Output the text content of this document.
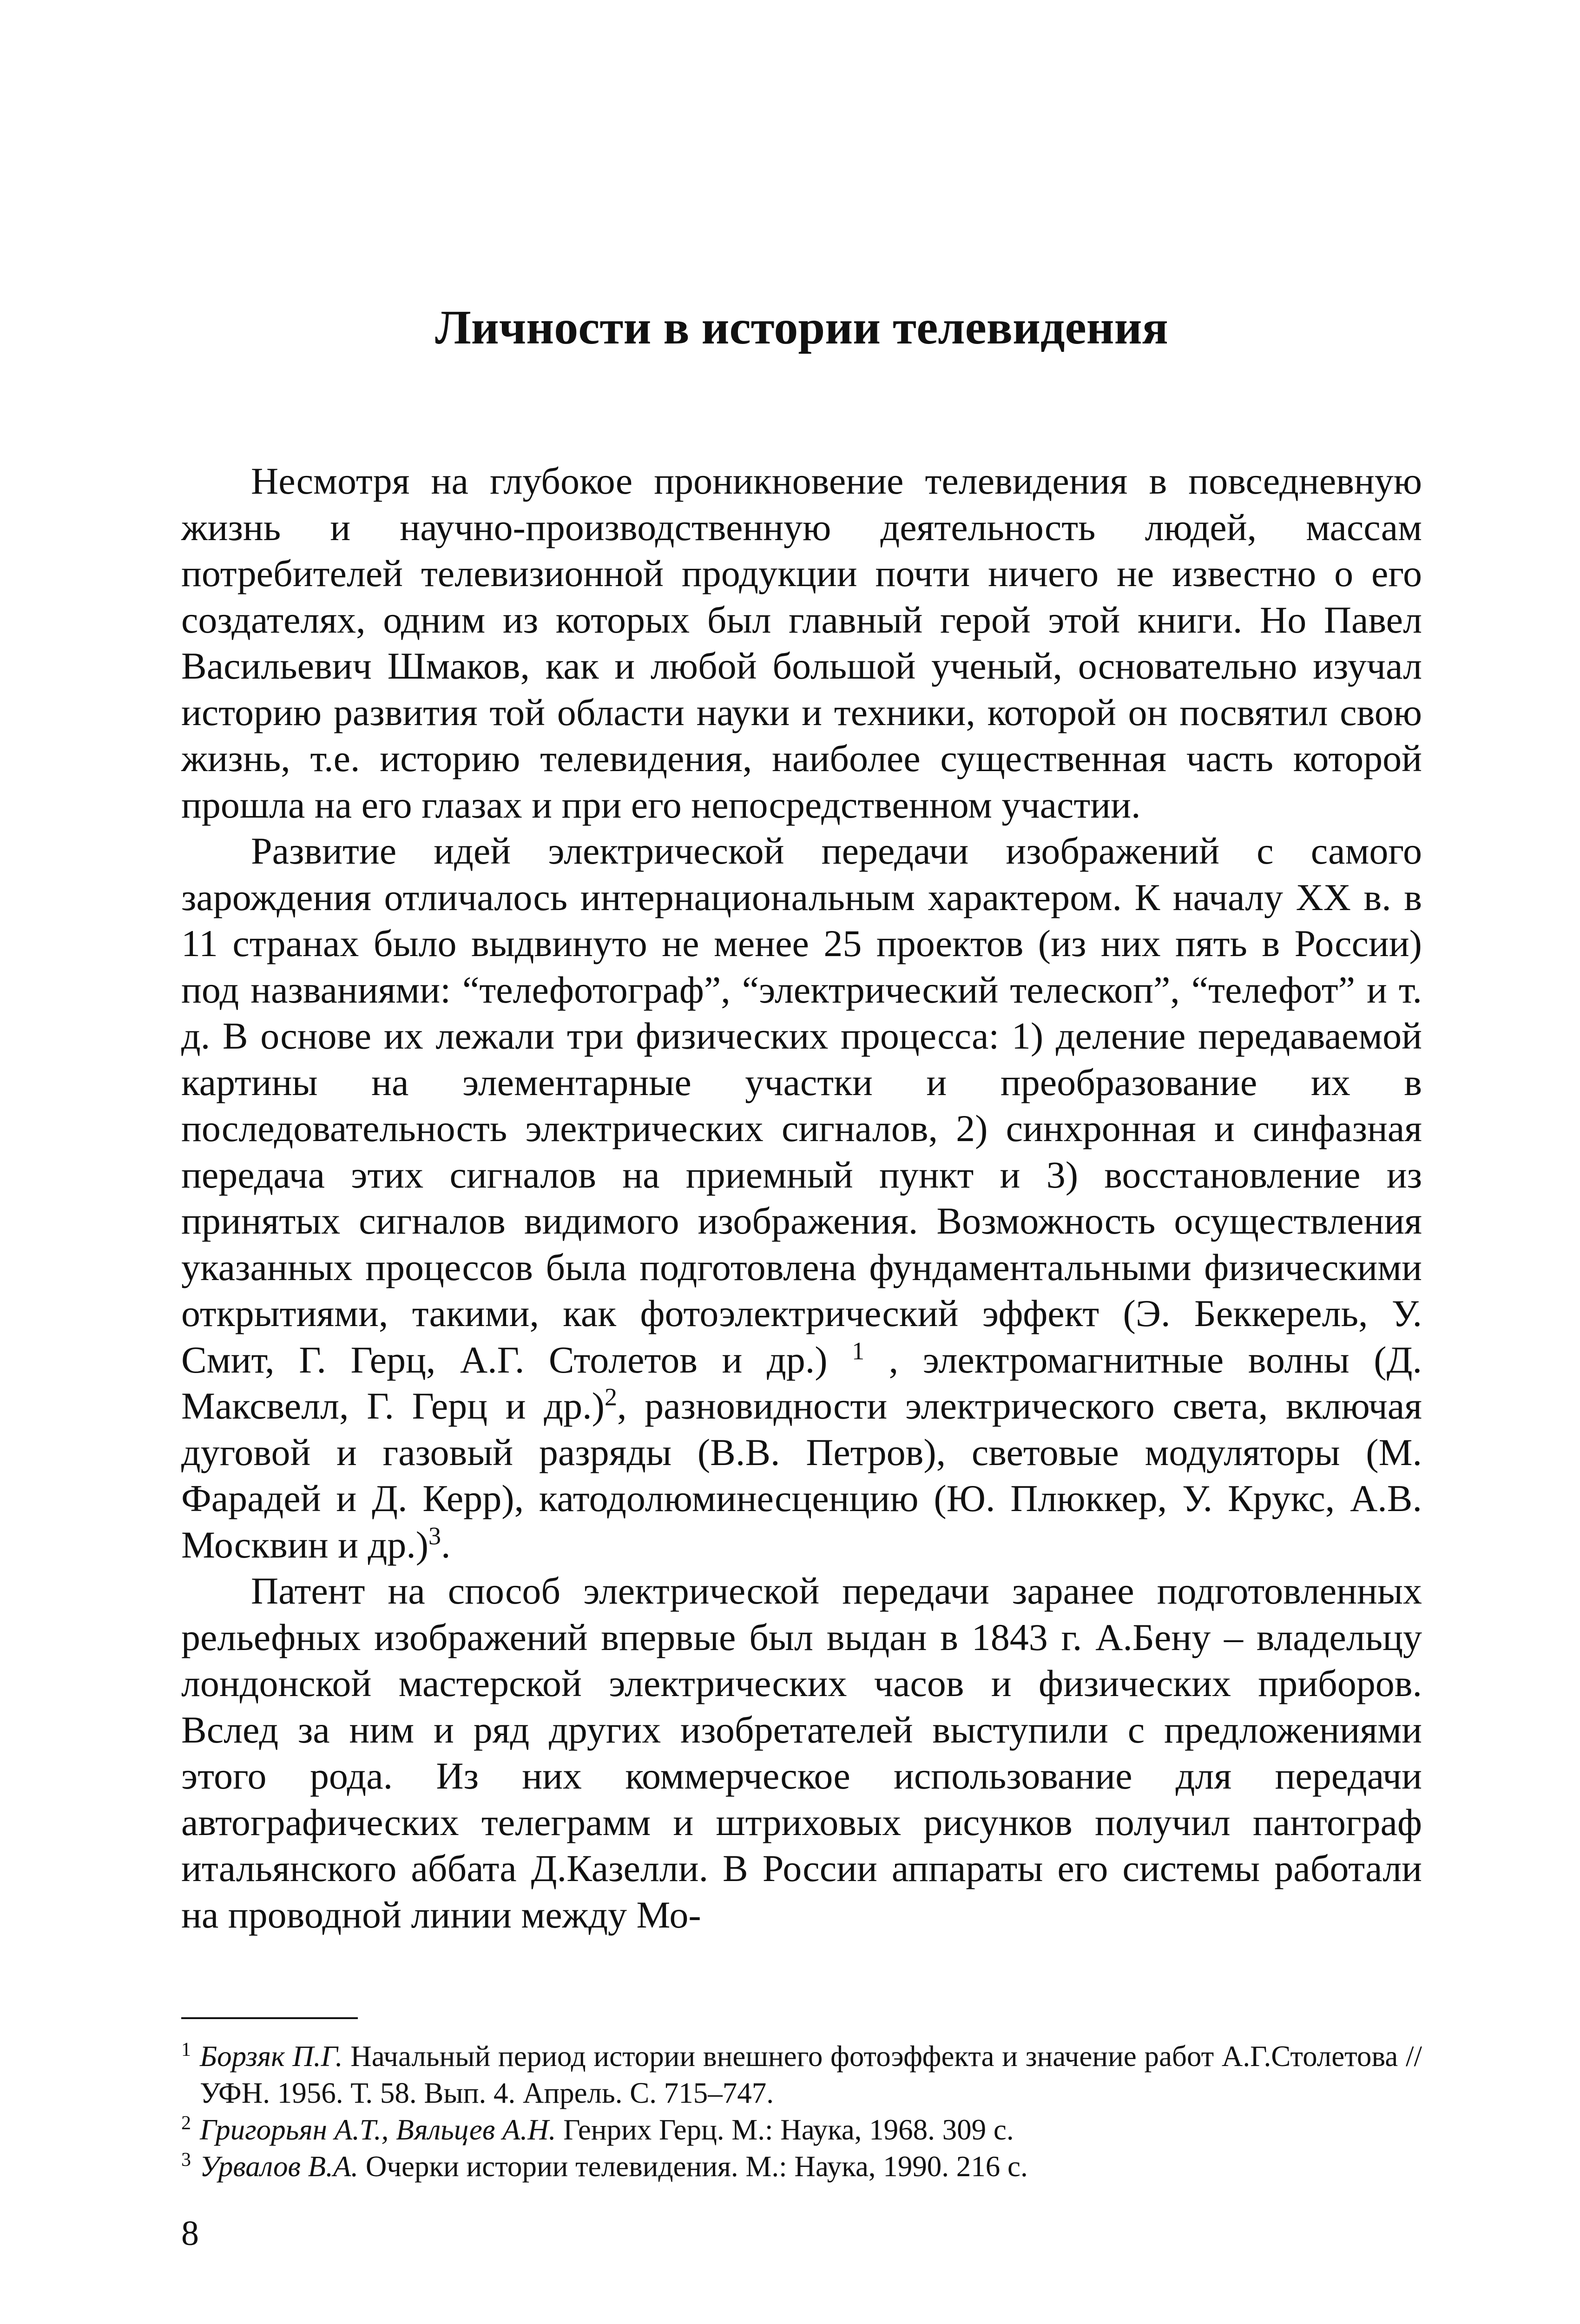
Личности в истории телевидения

Несмотря на глубокое проникновение телевидения в повседневную жизнь и научно-производственную деятельность людей, массам потребителей телевизионной продукции почти ничего не известно о его создателях, одним из которых был главный герой этой книги. Но Павел Васильевич Шмаков, как и любой большой ученый, основательно изучал историю развития той области науки и техники, которой он посвятил свою жизнь, т.е. историю телевидения, наиболее существенная часть которой прошла на его глазах и при его непосредственном участии.

Развитие идей электрической передачи изображений с самого зарождения отличалось интернациональным характером. К началу XX в. в 11 странах было выдвинуто не менее 25 проектов (из них пять в России) под названиями: “телефотограф”, “электрический телескоп”, “телефот” и т. д. В основе их лежали три физических процесса: 1) деление передаваемой картины на элементарные участки и преобразование их в последовательность электрических сигналов, 2) синхронная и синфазная передача этих сигналов на приемный пункт и 3) восстановление из принятых сигналов видимого изображения. Возможность осуществления указанных процессов была подготовлена фундаментальными физическими открытиями, такими, как фотоэлектрический эффект (Э. Беккерель, У. Смит, Г. Герц, А.Г. Столетов и др.) $^1$ , электромагнитные волны (Д. Максвелл, Г. Герц и др.)$^2$, разновидности электрического света, включая дуговой и газовый разряды (В.В. Петров), световые модуляторы (М. Фарадей и Д. Керр), катодолюминесценцию (Ю. Плюккер, У. Крукс, А.В. Москвин и др.)$^3$.

Патент на способ электрической передачи заранее подготовленных рельефных изображений впервые был выдан в 1843 г. А.Бену – владельцу лондонской мастерской электрических часов и физических приборов. Вслед за ним и ряд других изобретателей выступили с предложениями этого рода. Из них коммерческое использование для передачи автографических телеграмм и штриховых рисунков получил пантограф итальянского аббата Д.Казелли. В России аппараты его системы работали на проводной линии между Мо-

1 Борзяк П.Г. Начальный период истории внешнего фотоэффекта и значение работ А.Г.Столетова // УФН. 1956. Т. 58. Вып. 4. Апрель. С. 715–747.

2 Григорьян А.Т., Вяльцев А.Н. Генрих Герц. М.: Наука, 1968. 309 с.

3 Урвалов В.А. Очерки истории телевидения. М.: Наука, 1990. 216 с.

8
